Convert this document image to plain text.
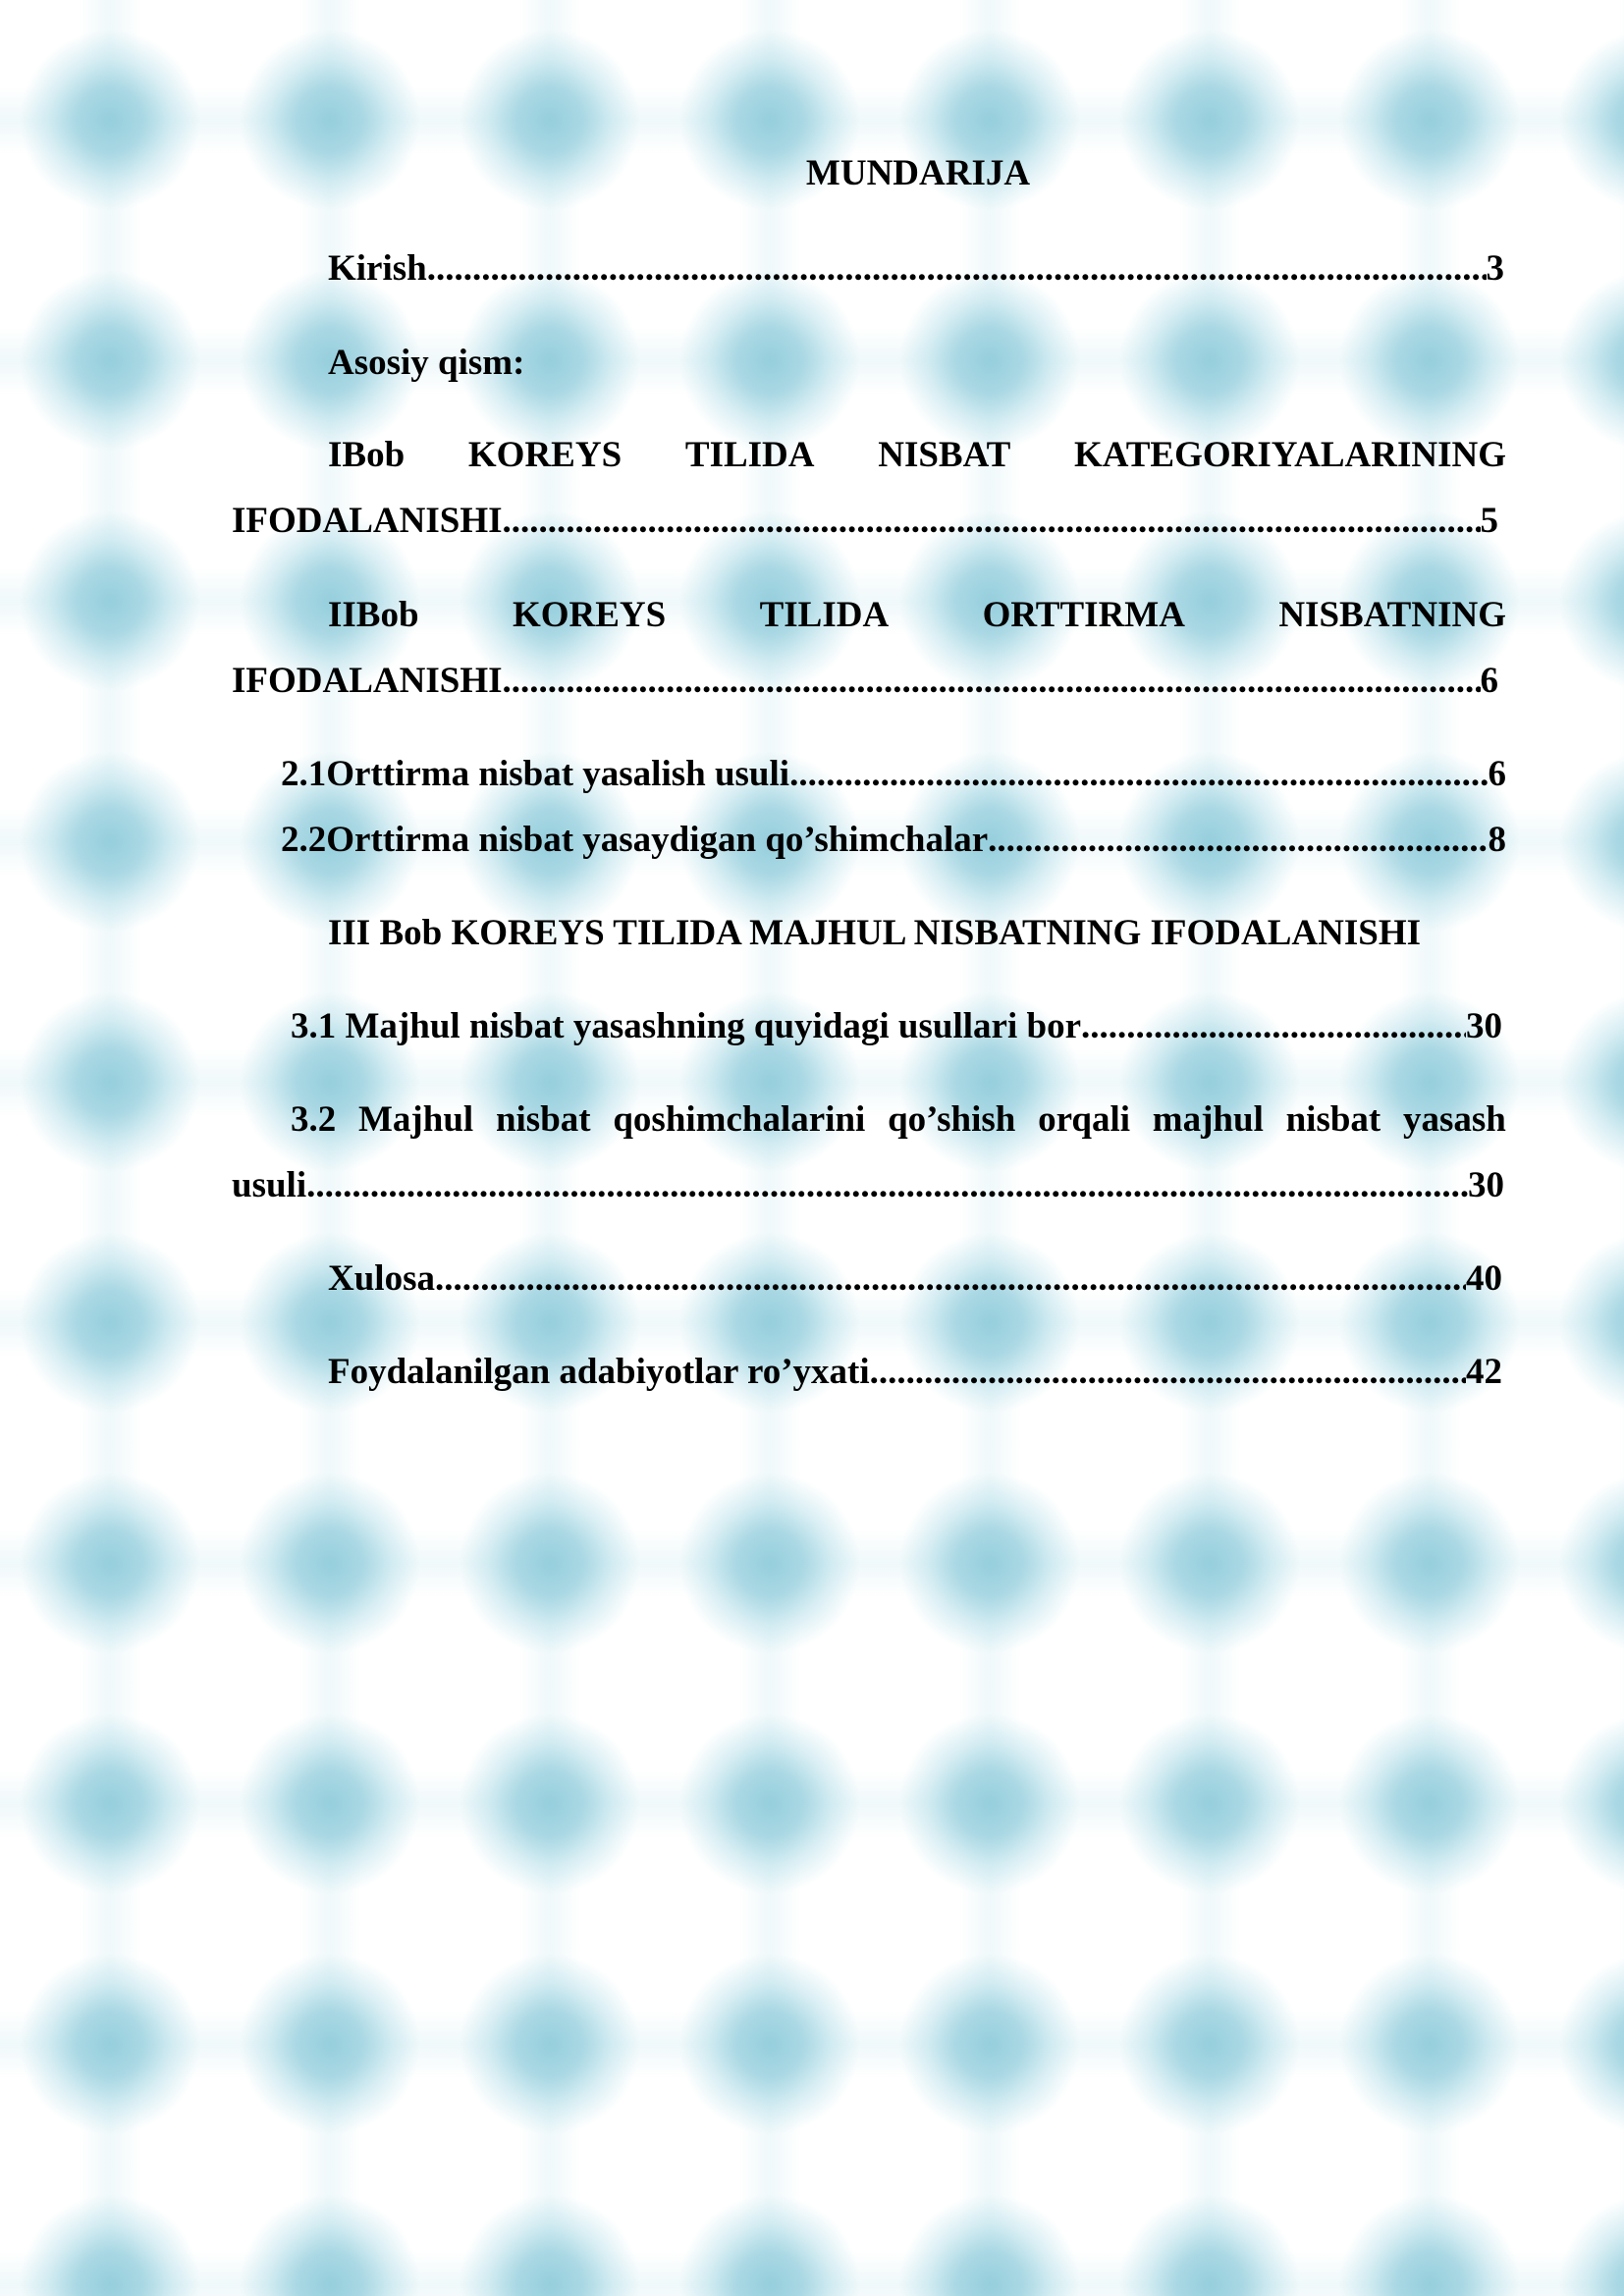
MUNDARIJA
Kirish .....	3
Asosiy qism:
IBob KOREYS TILIDA NISBAT KATEGORIYALARINING
IFODALANISHI .....	5
IIBob	KOREYS	TILIDA	ORTTIRMA	NISBATNING
IFODALANISHI .....	6
2.1 Orttirma nisbat yasalish usuli .....	6
2.2 Orttirma nisbat yasaydigan qo’shimchalar .....	8
III Bob KOREYS TILIDA MAJHUL NISBATNING IFODALANISHI
3.1 Majhul nisbat yasashning quyidagi usullari bor .....	30
3.2 Majhul nisbat qoshimchalarini qo’shish orqali majhul nisbat yasash
usuli .....	30
Xulosa .....	40
Foydalanilgan adabiyotlar ro’yxati .....	42
